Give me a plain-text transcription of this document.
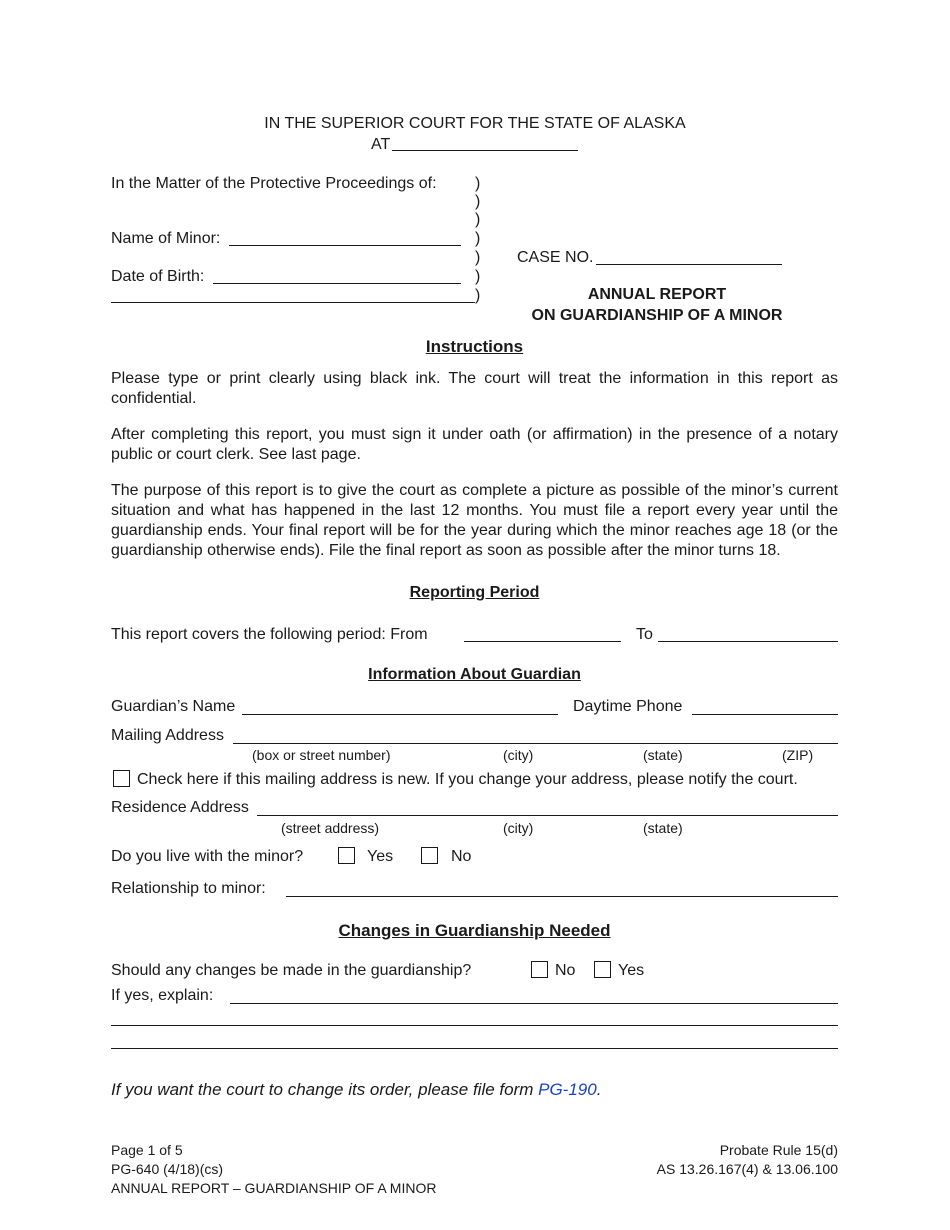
IN THE SUPERIOR COURT FOR THE STATE OF ALASKA
AT
In the Matter of the Protective Proceedings of: )
)
)
)
)
)
)
Name of Minor:
Date of Birth:
CASE NO.
ANNUAL REPORT
ON GUARDIANSHIP OF A MINOR
Instructions
Please type or print clearly using black ink. The court will treat the information in this report as confidential.
After completing this report, you must sign it under oath (or affirmation) in the presence of a notary public or court clerk. See last page.
The purpose of this report is to give the court as complete a picture as possible of the minor’s current situation and what has happened in the last 12 months. You must file a report every year until the guardianship ends. Your final report will be for the year during which the minor reaches age 18 (or the guardianship otherwise ends). File the final report as soon as possible after the minor turns 18.
Reporting Period
This report covers the following period: From	To
Information About Guardian
Guardian’s Name	Daytime Phone
Mailing Address
(box or street number)	(city)	(state)	(ZIP)
Check here if this mailing address is new. If you change your address, please notify the court.
Residence Address
(street address)	(city)	(state)
Do you live with the minor?	Yes	No
Relationship to minor:
Changes in Guardianship Needed
Should any changes be made in the guardianship?	No	Yes
If yes, explain:
If you want the court to change its order, please file form PG-190.
Page 1 of 5
PG-640 (4/18)(cs)
ANNUAL REPORT – GUARDIANSHIP OF A MINOR
Probate Rule 15(d)
AS 13.26.167(4) & 13.06.100
